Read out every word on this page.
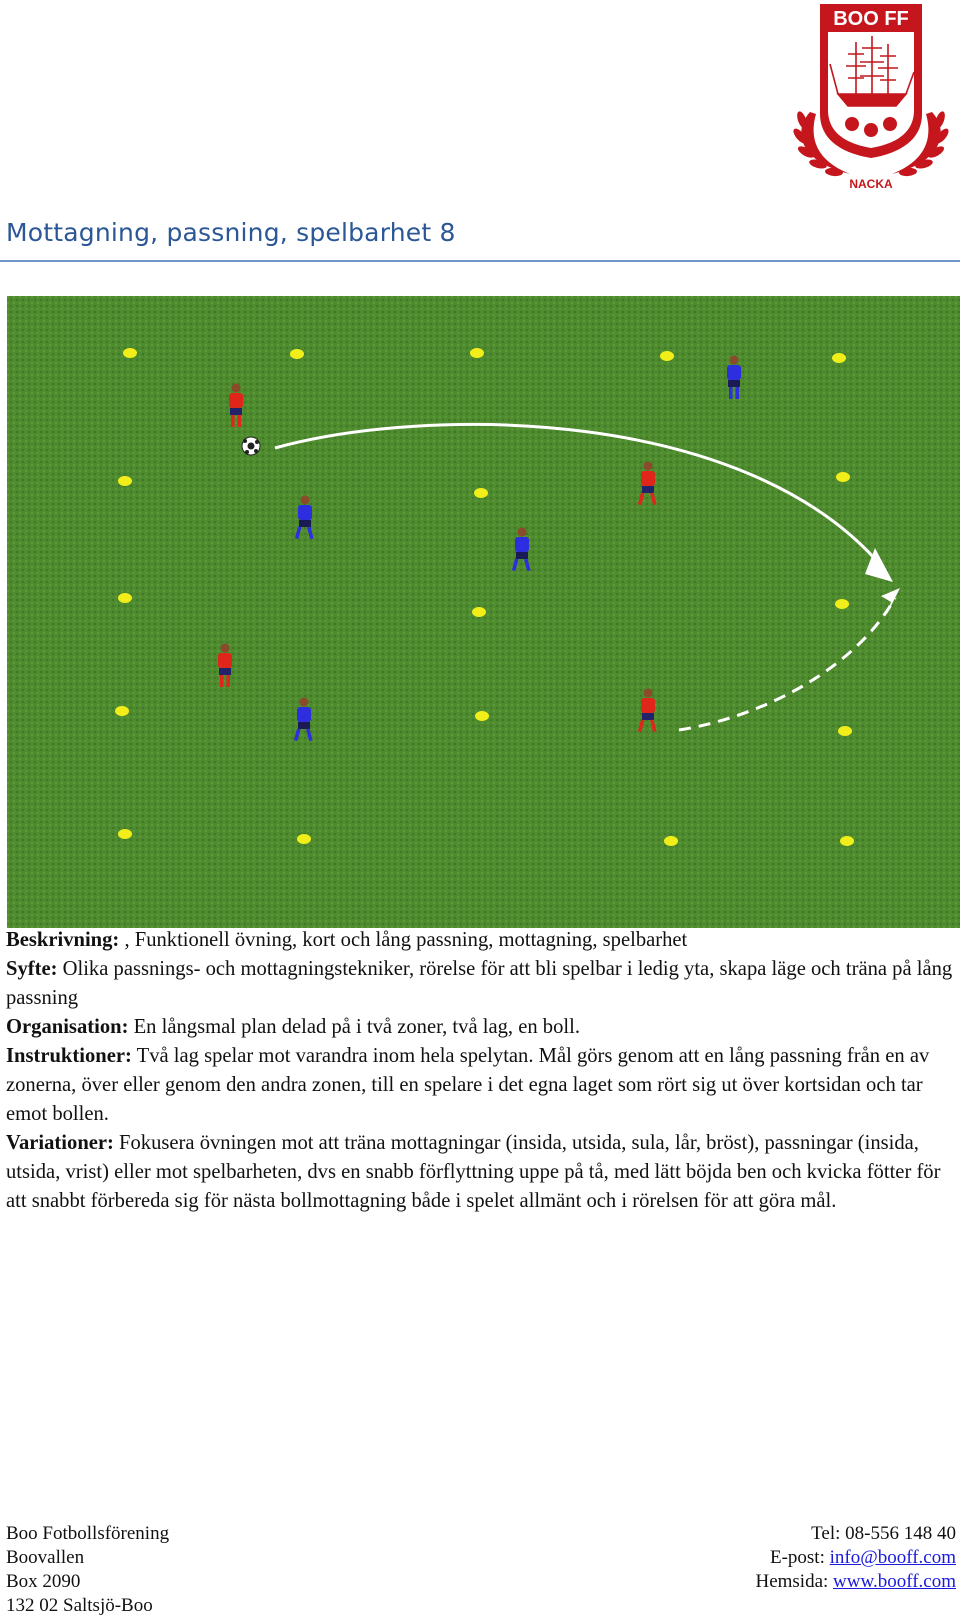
BOO FF
NACKA
Mottagning, passning, spelbarhet 8

Beskrivning: , Funktionell övning, kort och lång passning, mottagning, spelbarhet

Syfte: Olika passnings- och mottagningstekniker, rörelse för att bli spelbar i ledig yta, skapa läge och träna på lång passning

Organisation: En långsmal plan delad på i två zoner, två lag, en boll.

Instruktioner: Två lag spelar mot varandra inom hela spelytan. Mål görs genom att en lång passning från en av zonerna, över eller genom den andra zonen, till en spelare i det egna laget som rört sig ut över kortsidan och tar emot bollen.

Variationer: Fokusera övningen mot att träna mottagningar (insida, utsida, sula, lår, bröst), passningar (insida, utsida, vrist) eller mot spelbarheten, dvs en snabb förflyttning uppe på tå, med lätt böjda ben och kvicka fötter för att snabbt förbereda sig för nästa bollmottagning både i spelet allmänt och i rörelsen för att göra mål.

Boo Fotbollsförening
Boovallen
Box 2090
132 02 Saltsjö-Boo
Tel: 08-556 148 40
E-post: info@booff.com
Hemsida: www.booff.com
